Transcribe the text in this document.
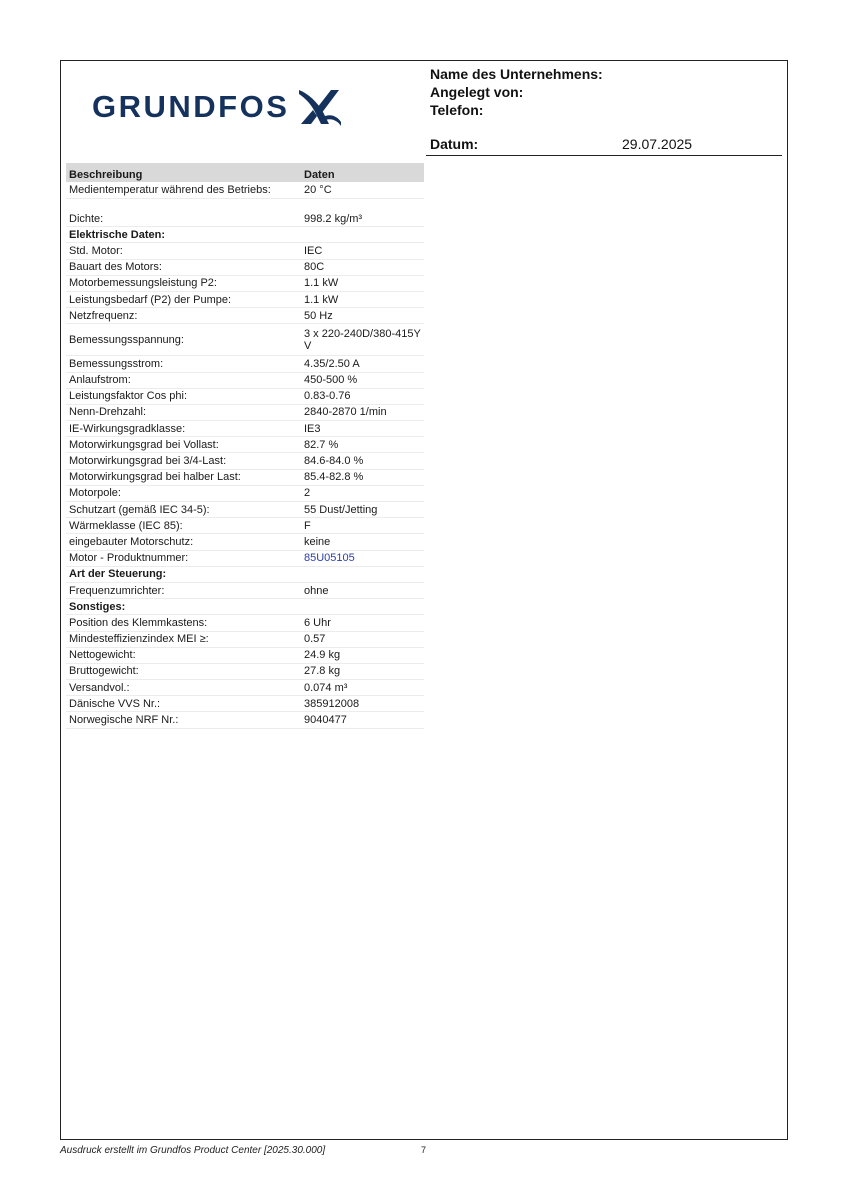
GRUNDFOS
Name des Unternehmens:
Angelegt von:
Telefon:
Datum:	29.07.2025
Beschreibung	Daten
Medientemperatur während des Betriebs:	20 °C
Dichte:	998.2 kg/m³
Elektrische Daten:
Std. Motor:	IEC
Bauart des Motors:	80C
Motorbemessungsleistung P2:	1.1 kW
Leistungsbedarf (P2) der Pumpe:	1.1 kW
Netzfrequenz:	50 Hz
Bemessungsspannung:	3 x 220-240D/380-415Y
V
Bemessungsstrom:	4.35/2.50 A
Anlaufstrom:	450-500 %
Leistungsfaktor Cos phi:	0.83-0.76
Nenn-Drehzahl:	2840-2870 1/min
IE-Wirkungsgradklasse:	IE3
Motorwirkungsgrad bei Vollast:	82.7 %
Motorwirkungsgrad bei 3/4-Last:	84.6-84.0 %
Motorwirkungsgrad bei halber Last:	85.4-82.8 %
Motorpole:	2
Schutzart (gemäß IEC 34-5):	55 Dust/Jetting
Wärmeklasse (IEC 85):	F
eingebauter Motorschutz:	keine
Motor - Produktnummer:	85U05105
Art der Steuerung:
Frequenzumrichter:	ohne
Sonstiges:
Position des Klemmkastens:	6 Uhr
Mindesteffizienzindex MEI ≥:	0.57
Nettogewicht:	24.9 kg
Bruttogewicht:	27.8 kg
Versandvol.:	0.074 m³
Dänische VVS Nr.:	385912008
Norwegische NRF Nr.:	9040477
Ausdruck erstellt im Grundfos Product Center [2025.30.000]	7
